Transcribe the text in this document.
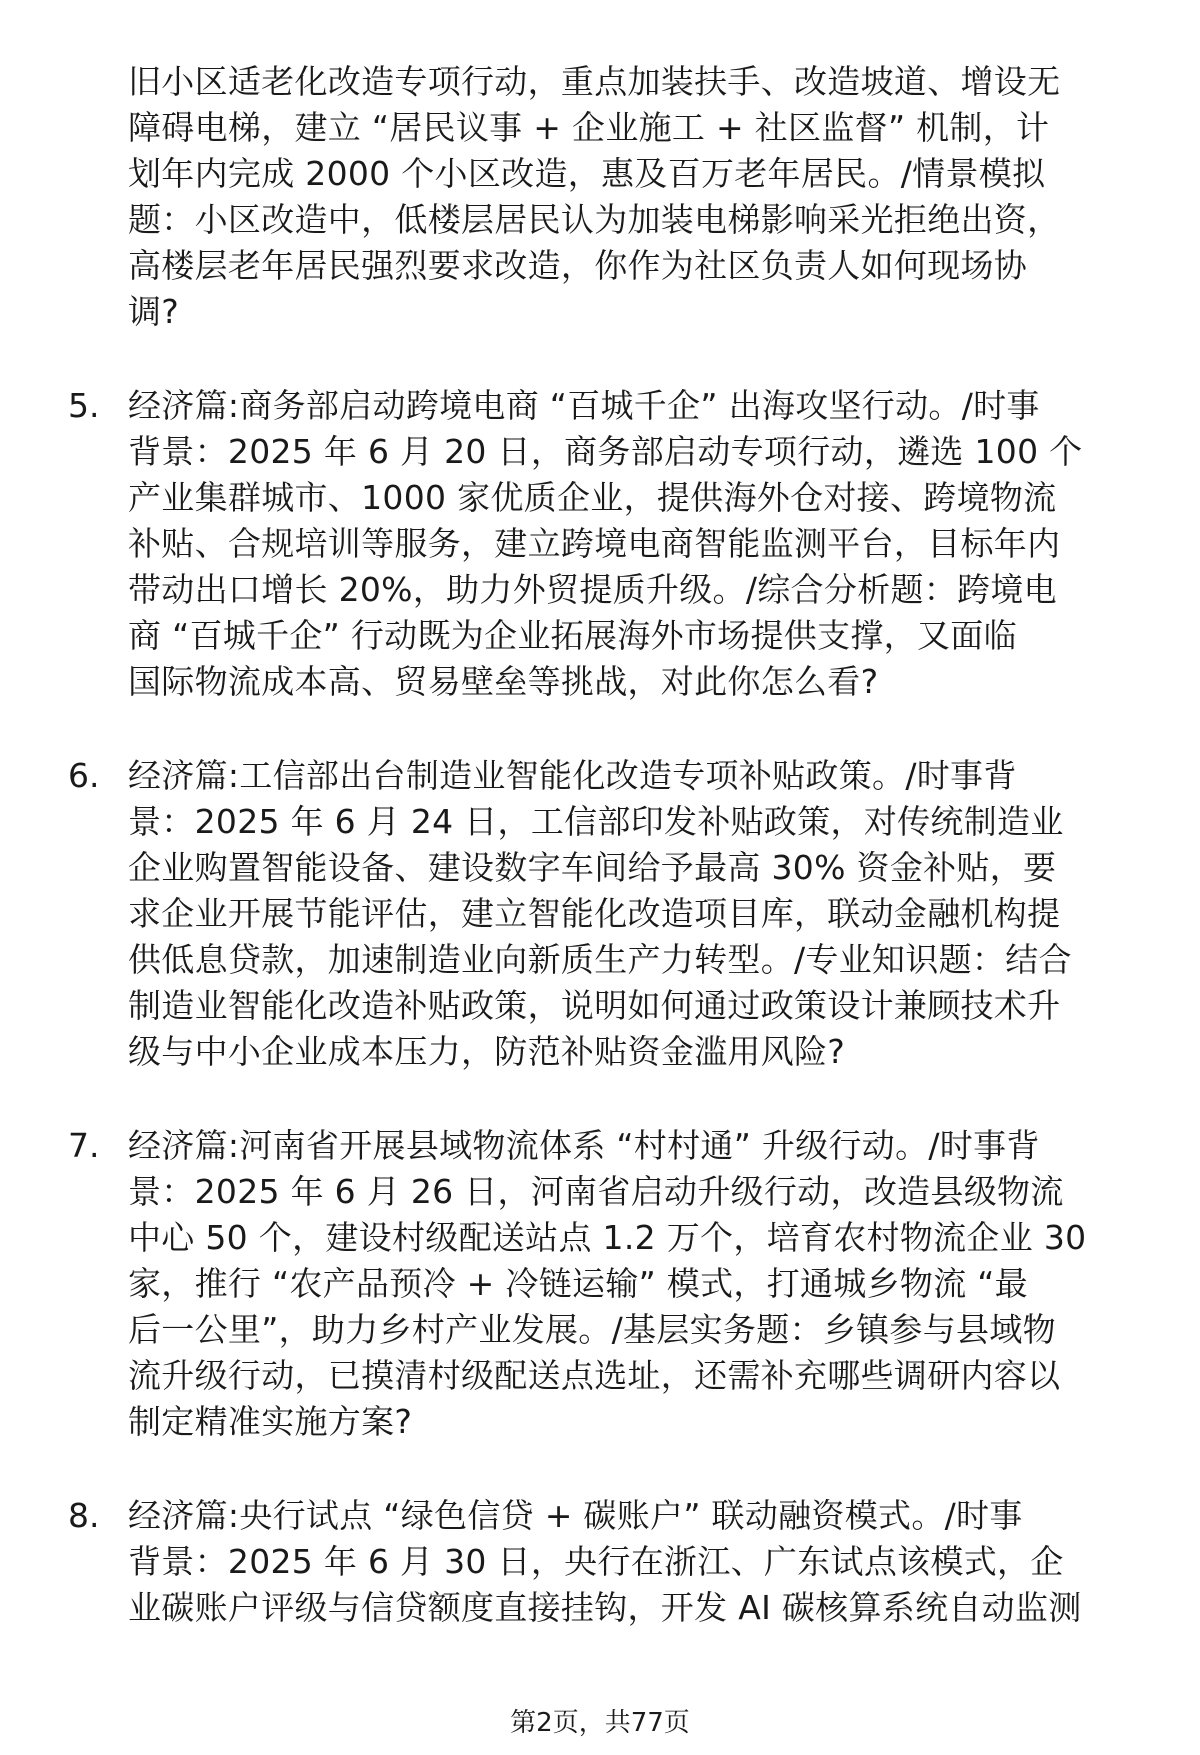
旧小区适老化改造专项行动，重点加装扶手、改造坡道、增设无
障碍电梯，建立 “居民议事 + 企业施工 + 社区监督” 机制，计
划年内完成 2000 个小区改造，惠及百万老年居民。/情景模拟
题：小区改造中，低楼层居民认为加装电梯影响采光拒绝出资，
高楼层老年居民强烈要求改造，你作为社区负责人如何现场协
调?
5. 经济篇:商务部启动跨境电商 “百城千企” 出海攻坚行动。/时事
背景：2025 年 6 月 20 日，商务部启动专项行动，遴选 100 个
产业集群城市、1000 家优质企业，提供海外仓对接、跨境物流
补贴、合规培训等服务，建立跨境电商智能监测平台，目标年内
带动出口增长 20%，助力外贸提质升级。/综合分析题：跨境电
商 “百城千企” 行动既为企业拓展海外市场提供支撑，又面临
国际物流成本高、贸易壁垒等挑战，对此你怎么看?
6. 经济篇:工信部出台制造业智能化改造专项补贴政策。/时事背
景：2025 年 6 月 24 日，工信部印发补贴政策，对传统制造业
企业购置智能设备、建设数字车间给予最高 30% 资金补贴，要
求企业开展节能评估，建立智能化改造项目库，联动金融机构提
供低息贷款，加速制造业向新质生产力转型。/专业知识题：结合
制造业智能化改造补贴政策，说明如何通过政策设计兼顾技术升
级与中小企业成本压力，防范补贴资金滥用风险?
7. 经济篇:河南省开展县域物流体系 “村村通” 升级行动。/时事背
景：2025 年 6 月 26 日，河南省启动升级行动，改造县级物流
中心 50 个，建设村级配送站点 1.2 万个，培育农村物流企业 30
家，推行 “农产品预冷 + 冷链运输” 模式，打通城乡物流 “最
后一公里”，助力乡村产业发展。/基层实务题：乡镇参与县域物
流升级行动，已摸清村级配送点选址，还需补充哪些调研内容以
制定精准实施方案?
8. 经济篇:央行试点 “绿色信贷 + 碳账户” 联动融资模式。/时事
背景：2025 年 6 月 30 日，央行在浙江、广东试点该模式，企
业碳账户评级与信贷额度直接挂钩，开发 AI 碳核算系统自动监测
第2页，共77页
